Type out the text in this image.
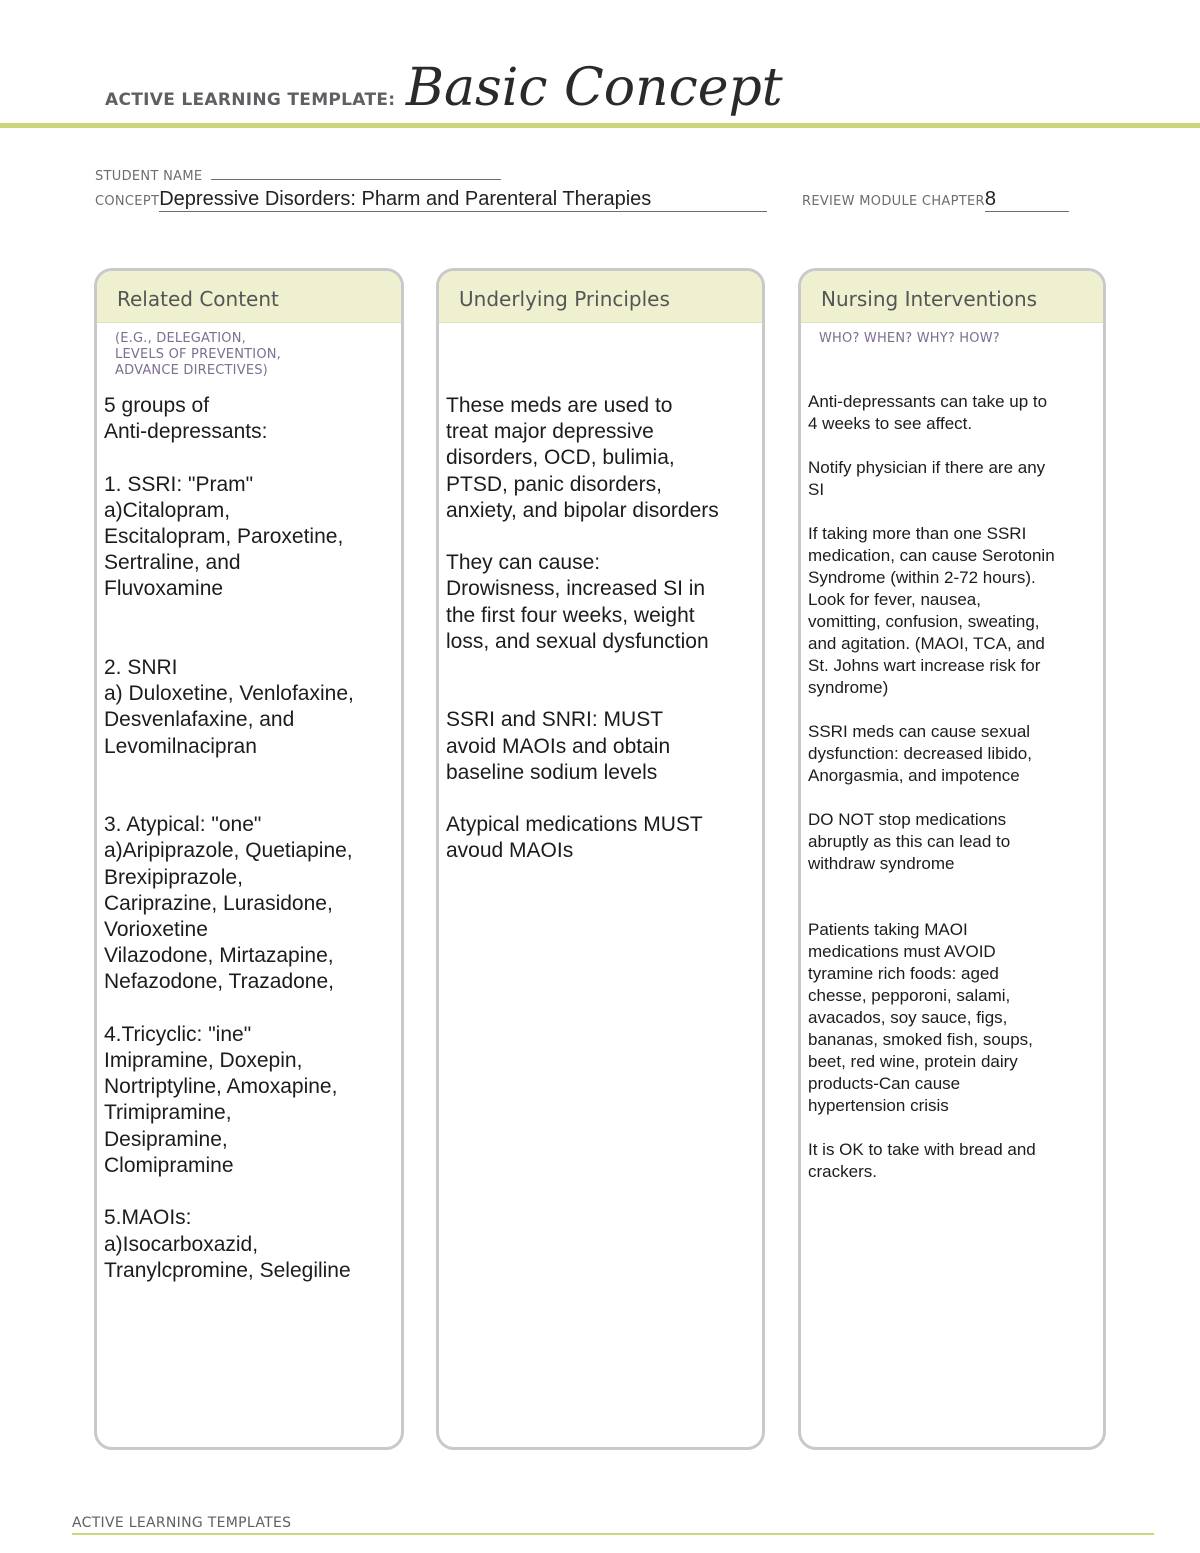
ACTIVE LEARNING TEMPLATE: Basic Concept
STUDENT NAME
CONCEPTDepressive Disorders: Pharm and Parenteral Therapies	REVIEW MODULE CHAPTER8
Related Content
(E.G., DELEGATION,
LEVELS OF PREVENTION,
ADVANCE DIRECTIVES)
5 groups of
Anti-depressants:

1. SSRI: "Pram"
a)Citalopram,
Escitalopram, Paroxetine,
Sertraline, and
Fluvoxamine

2. SNRI
a) Duloxetine, Venlofaxine,
Desvenlafaxine, and
Levomilnacipran

3. Atypical: "one"
a)Aripiprazole, Quetiapine,
Brexipiprazole,
Cariprazine, Lurasidone,
Vorioxetine
Vilazodone, Mirtazapine,
Nefazodone, Trazadone,

4.Tricyclic: "ine"
Imipramine, Doxepin,
Nortriptyline, Amoxapine,
Trimipramine,
Desipramine,
Clomipramine

5.MAOIs:
a)Isocarboxazid,
Tranylcpromine, Selegiline
Underlying Principles
These meds are used to
treat major depressive
disorders, OCD, bulimia,
PTSD, panic disorders,
anxiety, and bipolar disorders

They can cause:
Drowisness, increased SI in
the first four weeks, weight
loss, and sexual dysfunction

SSRI and SNRI: MUST
avoid MAOIs and obtain
baseline sodium levels

Atypical medications MUST
avoud MAOIs
Nursing Interventions
WHO? WHEN? WHY? HOW?
Anti-depressants can take up to
4 weeks to see affect.

Notify physician if there are any
SI

If taking more than one SSRI
medication, can cause Serotonin
Syndrome (within 2-72 hours).
Look for fever, nausea,
vomitting, confusion, sweating,
and agitation. (MAOI, TCA, and
St. Johns wart increase risk for
syndrome)

SSRI meds can cause sexual
dysfunction: decreased libido,
Anorgasmia, and impotence

DO NOT stop medications
abruptly as this can lead to
withdraw syndrome

Patients taking MAOI
medications must AVOID
tyramine rich foods: aged
chesse, pepporoni, salami,
avacados, soy sauce, figs,
bananas, smoked fish, soups,
beet, red wine, protein dairy
products-Can cause
hypertension crisis

It is OK to take with bread and
crackers.
ACTIVE LEARNING TEMPLATES
